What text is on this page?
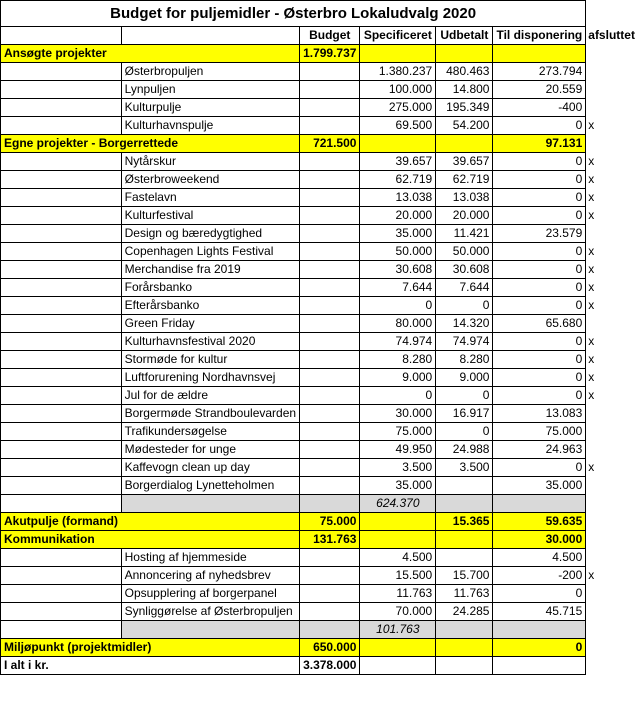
Budget for puljemidler - Østerbro Lokaludvalg 2020						
		Budget	Specificeret	Udbetalt	Til disponering	afsluttet
Ansøgte projekter		1.799.737				
	Østerbropuljen		1.380.237	480.463	273.794	
	Lynpuljen		100.000	14.800	20.559	
	Kulturpulje		275.000	195.349	-400	
	Kulturhavnspulje		69.500	54.200	0	x
Egne projekter - Borgerrettede		721.500			97.131	
	Nytårskur		39.657	39.657	0	x
	Østerbroweekend		62.719	62.719	0	x
	Fastelavn		13.038	13.038	0	x
	Kulturfestival		20.000	20.000	0	x
	Design og bæredygtighed		35.000	11.421	23.579	
	Copenhagen Lights Festival		50.000	50.000	0	x
	Merchandise fra 2019		30.608	30.608	0	x
	Forårsbanko		7.644	7.644	0	x
	Efterårsbanko		0	0	0	x
	Green Friday		80.000	14.320	65.680	
	Kulturhavnsfestival 2020		74.974	74.974	0	x
	Stormøde for kultur		8.280	8.280	0	x
	Luftforurening Nordhavnsvej		9.000	9.000	0	x
	Jul for de ældre		0	0	0	x
	Borgermøde Strandboulevarden		30.000	16.917	13.083	
	Trafikundersøgelse		75.000	0	75.000	
	Mødesteder for unge		49.950	24.988	24.963	
	Kaffevogn clean up day		3.500	3.500	0	x
	Borgerdialog Lynetteholmen		35.000		35.000	
			624.370			
Akutpulje (formand)		75.000		15.365	59.635	
Kommunikation		131.763			30.000	
	Hosting af hjemmeside		4.500		4.500	
	Annoncering af nyhedsbrev		15.500	15.700	-200	x
	Opsupplering af borgerpanel		11.763	11.763	0	
	Synliggørelse af Østerbropuljen		70.000	24.285	45.715	
			101.763			
Miljøpunkt (projektmidler)		650.000			0	
I alt i kr.		3.378.000				
